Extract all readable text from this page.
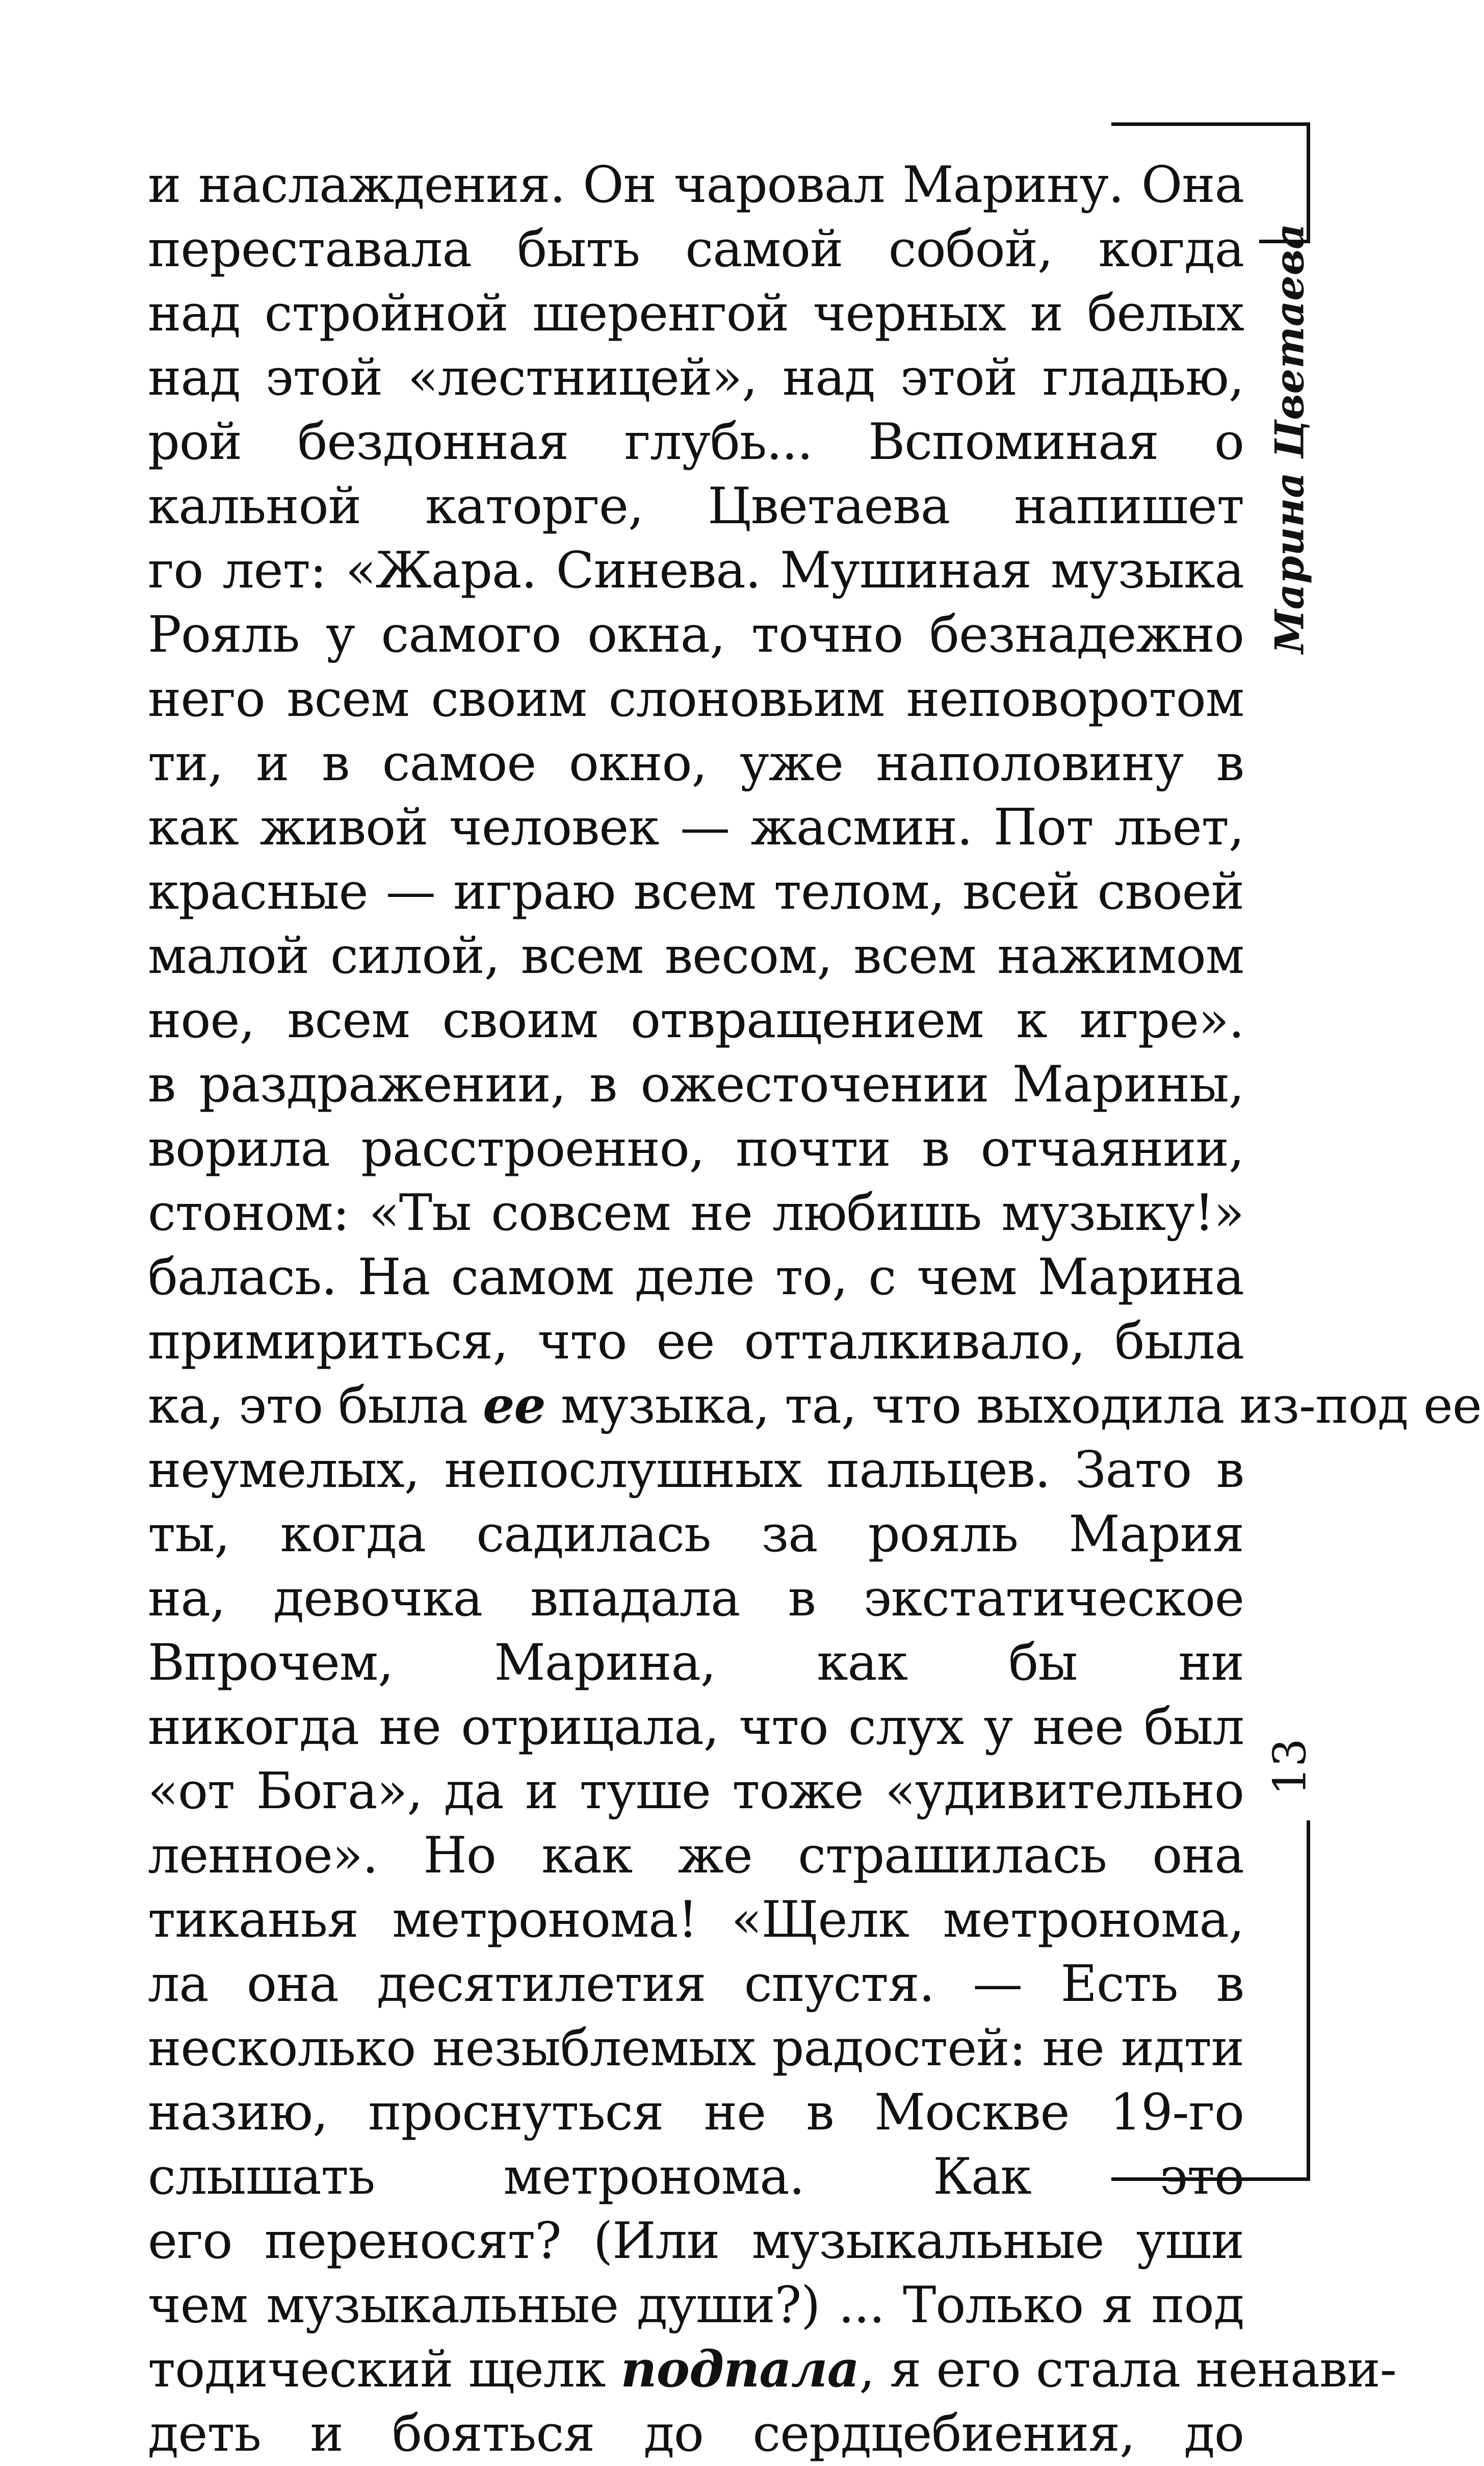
Марина Цветаева
13
и наслаждения. Он чаровал Марину. Она
переставала быть самой собой, когда
над стройной шеренгой черных и белых
над этой «лестницей», над этой гладью,
рой бездонная глубь... Вспоминая о
кальной каторге, Цветаева напишет
го лет: «Жара. Синева. Мушиная музыка
Рояль у самого окна, точно безнадежно
него всем своим слоновьим неповоротом
ти, и в самое окно, уже наполовину в
как живой человек — жасмин. Пот льет,
красные — играю всем телом, всей своей
малой силой, всем весом, всем нажимом
ное, всем своим отвращением к игре».
в раздражении, в ожесточении Марины,
ворила расстроенно, почти в отчаянии,
стоном: «Ты совсем не любишь музыку!»
балась. На самом деле то, с чем Марина
примириться, что ее отталкивало, была
ка, это была ее музыка, та, что выходила из-под ее
неумелых, непослушных пальцев. Зато в
ты, когда садилась за рояль Мария
на, девочка впадала в экстатическое
Впрочем, Марина, как бы ни
никогда не отрицала, что слух у нее был
«от Бога», да и туше тоже «удивительно
ленное». Но как же страшилась она
тиканья метронома! «Щелк метронома,
ла она десятилетия спустя. — Есть в
несколько незыблемых радостей: не идти
назию, проснуться не в Москве 19-го
слышать метронома. Как это
его переносят? (Или музыкальные уши
чем музыкальные души?) ... Только я под
тодический щелк подпала, я его стала ненави-
деть и бояться до сердцебиения, до
